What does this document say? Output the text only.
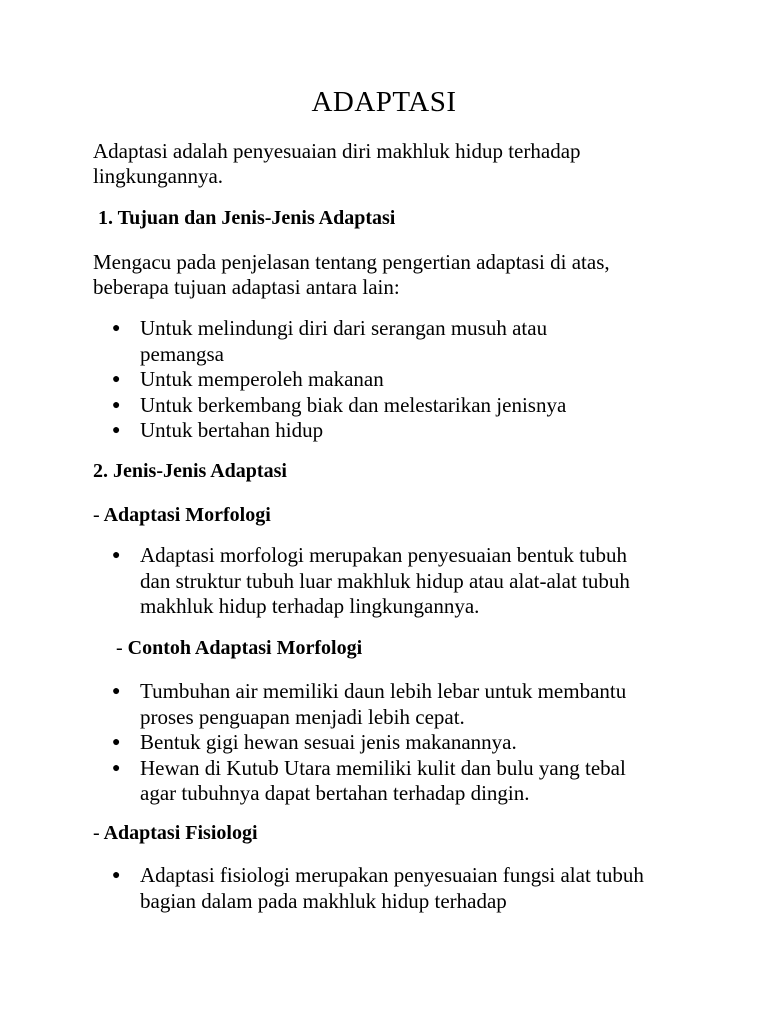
ADAPTASI

Adaptasi adalah penyesuaian diri makhluk hidup terhadap lingkungannya.

1. Tujuan dan Jenis-Jenis Adaptasi

Mengacu pada penjelasan tentang pengertian adaptasi di atas, beberapa tujuan adaptasi antara lain:

● Untuk melindungi diri dari serangan musuh atau pemangsa
● Untuk memperoleh makanan
● Untuk berkembang biak dan melestarikan jenisnya
● Untuk bertahan hidup
2. Jenis-Jenis Adaptasi
- Adaptasi Morfologi
● Adaptasi morfologi merupakan penyesuaian bentuk tubuh dan struktur tubuh luar makhluk hidup atau alat-alat tubuh makhluk hidup terhadap lingkungannya.
- Contoh Adaptasi Morfologi
● Tumbuhan air memiliki daun lebih lebar untuk membantu proses penguapan menjadi lebih cepat.
● Bentuk gigi hewan sesuai jenis makanannya.
● Hewan di Kutub Utara memiliki kulit dan bulu yang tebal agar tubuhnya dapat bertahan terhadap dingin.
- Adaptasi Fisiologi
● Adaptasi fisiologi merupakan penyesuaian fungsi alat tubuh bagian dalam pada makhluk hidup terhadap
